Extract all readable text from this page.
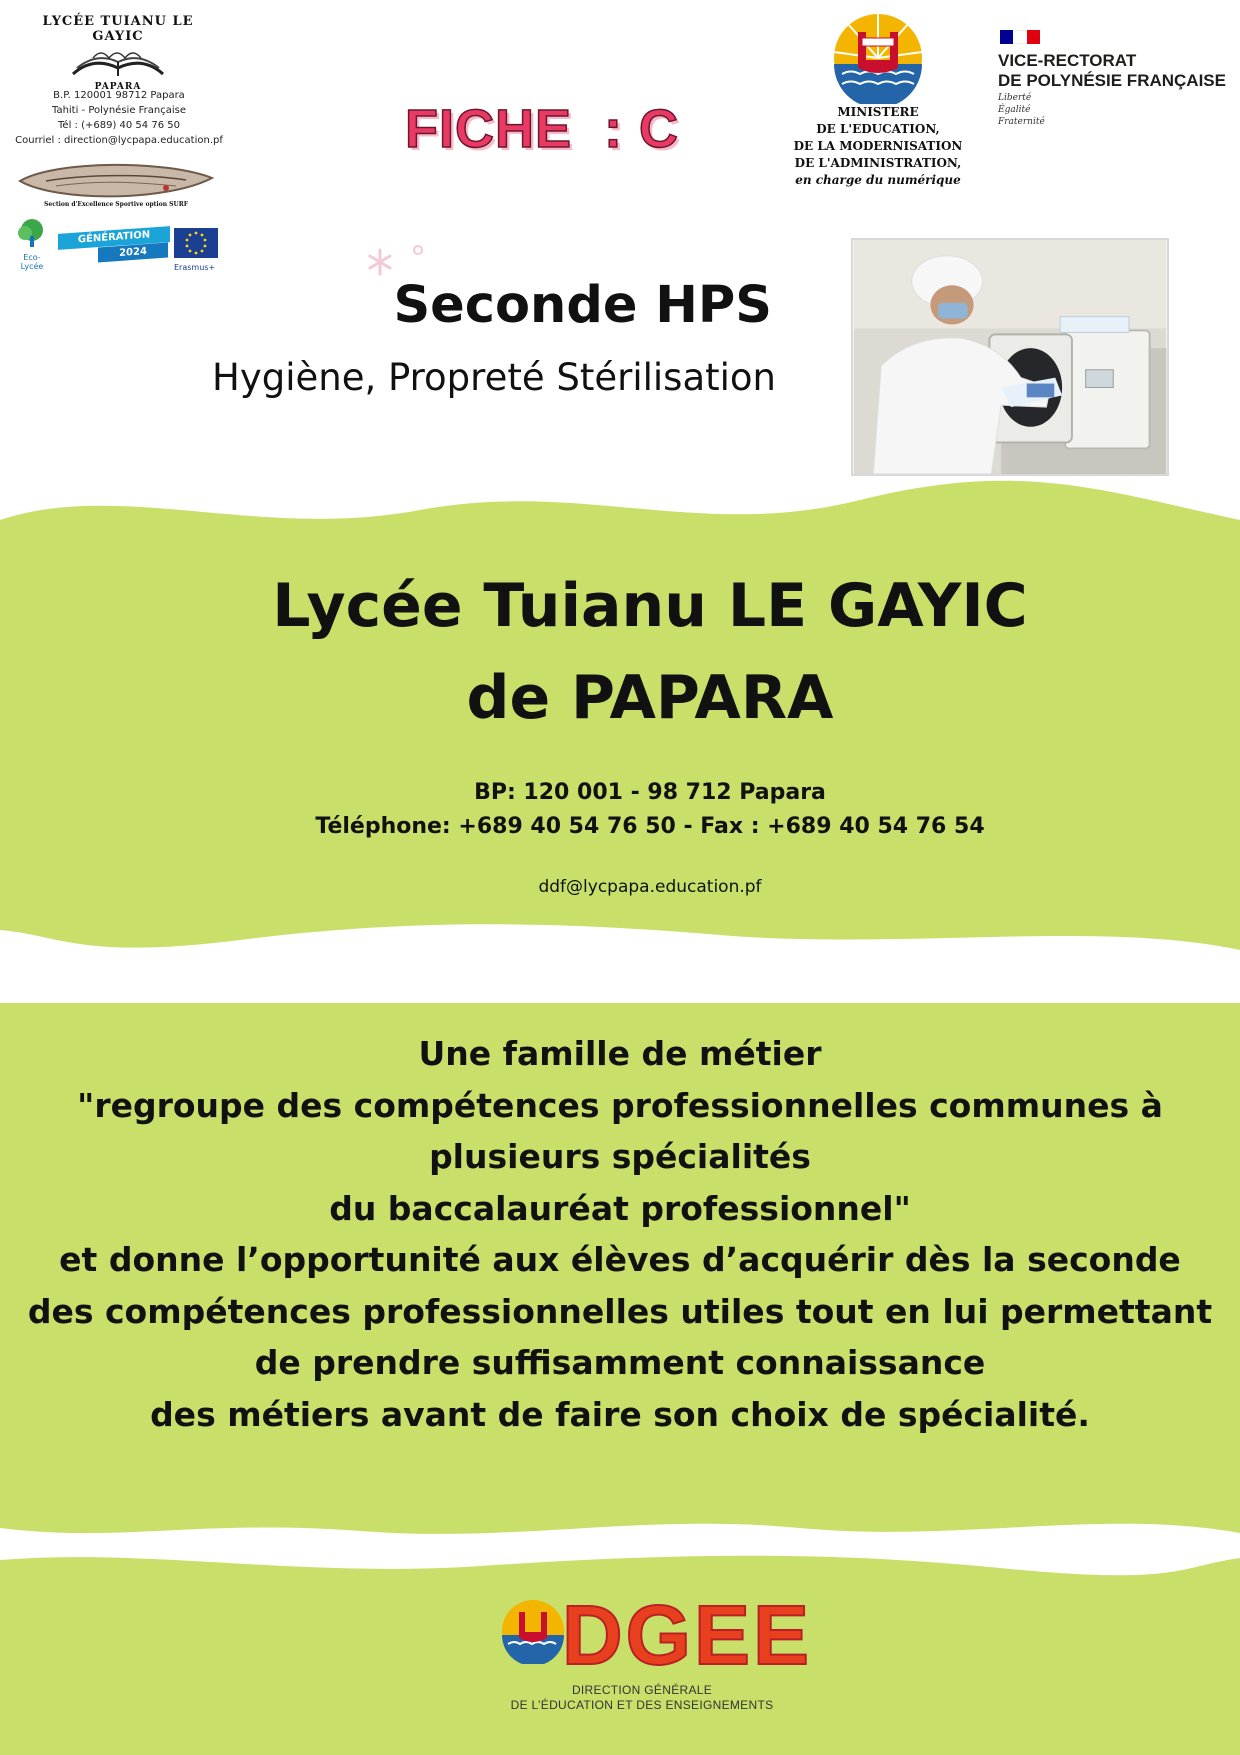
LYCÉE TUIANU LE GAYIC
PAPARA
B.P. 120001 98712 Papara
Tahiti - Polynésie Française
Tél : (+689) 40 54 76 50
Courriel : direction@lycpapa.education.pf
Section d'Excellence Sportive option SURF
Eco-Lycée
GÉNÉRATION
2024
Erasmus+
FICHE  : C	MINISTERE
DE L'EDUCATION,
DE LA MODERNISATION
DE L'ADMINISTRATION,
en charge du numérique
VICE-RECTORAT
DE POLYNÉSIE FRANÇAISE
Liberté
Égalité
Fraternité
Seconde HPS

Hygiène, Propreté Stérilisation

Lycée Tuianu LE GAYIC
de PAPARA
BP: 120 001 - 98 712 Papara
Téléphone: +689 40 54 76 50 - Fax : +689 40 54 76 54
ddf@lycpapa.education.pf
Une famille de métier
"regroupe des compétences professionnelles communes à
plusieurs spécialités
du baccalauréat professionnel"
et donne l’opportunité aux élèves d’acquérir dès la seconde
des compétences professionnelles utiles tout en lui permettant
de prendre suffisamment connaissance
des métiers avant de faire son choix de spécialité.
DGEE
DIRECTION GÉNÉRALE
DE L’ÉDUCATION ET DES ENSEIGNEMENTS
